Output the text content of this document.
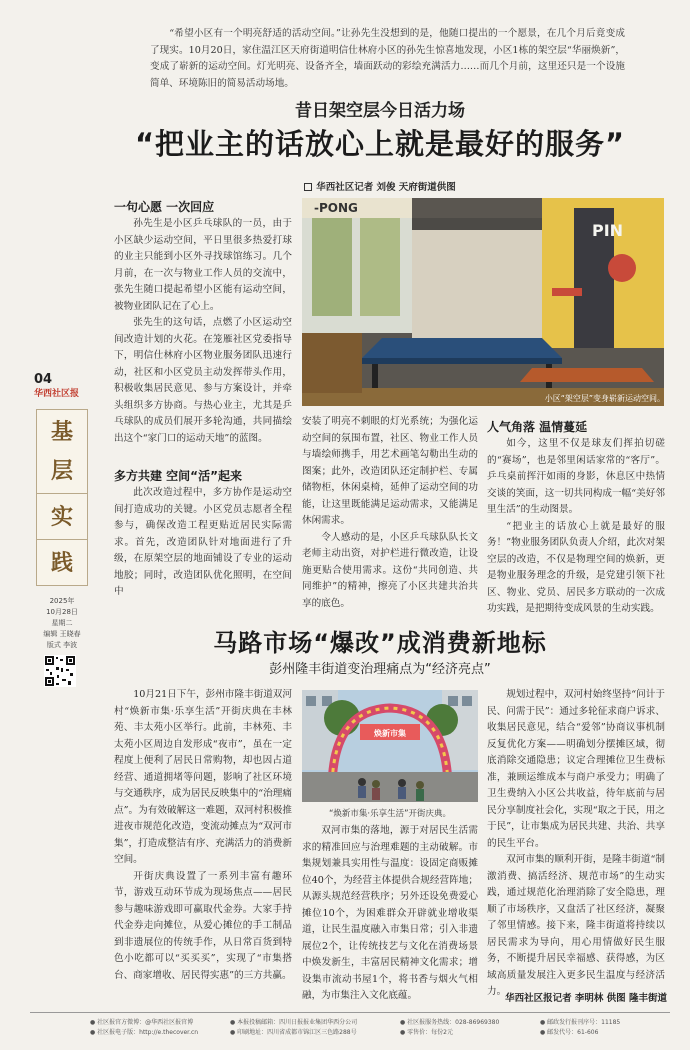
“希望小区有一个明亮舒适的活动空间。”让孙先生没想到的是，他随口提出的一个愿景，在几个月后竟变成了现实。10月20日，家住温江区天府街道明信仕林府小区的孙先生惊喜地发现，小区1栋的架空层“华丽焕新”，变成了崭新的运动空间。灯光明亮、设备齐全，墙面跃动的彩绘充满活力……而几个月前，这里还只是一个设施简单、环境陈旧的简易活动场地。

昔日架空层今日活力场
“把业主的话放心上就是最好的服务”
华西社区记者 刘俊 天府街道供图
一句心愿 一次回应

孙先生是小区乒乓球队的一员，由于小区缺少运动空间，平日里很多热爱打球的业主只能到小区外寻找球馆练习。几个月前，在一次与物业工作人员的交流中，张先生随口提起希望小区能有运动空间，被物业团队记在了心上。

张先生的这句话，点燃了小区运动空间改造计划的火花。在笼雁社区党委指导下，明信仕林府小区物业服务团队迅速行动，社区和小区党员主动发挥带头作用，积极收集居民意见、参与方案设计，并牵头组织多方协商。与热心业主，尤其是乒乓球队的成员们展开多轮沟通，共同描绘出这个“家门口的运动天地”的蓝图。

多方共建 空间“活”起来

此次改造过程中，多方协作是运动空间打造成功的关键。小区党员志愿者全程参与，确保改造工程更贴近居民实际需求。首先，改造团队针对地面进行了升级，在原架空层的地面铺设了专业的运动地胶；同时，改造团队优化照明，在空间中

-PONG
PIN
小区“架空层”变身崭新运动空间。

安装了明亮不刺眼的灯光系统；为强化运动空间的氛围布置，社区、物业工作人员与墙绘师携手，用艺术画笔勾勒出生动的图案；此外，改造团队还定制护栏、专属储物柜，休闲桌椅，延伸了运动空间的功能，让这里既能满足运动需求，又能满足休闲需求。

令人感动的是，小区乒乓球队队长文老师主动出资，对护栏进行微改造，让设施更贴合使用需求。这份“共同创造、共同维护”的精神，擦亮了小区共建共治共享的底色。

人气角落 温情蔓延

如今，这里不仅是球友们挥拍切磋的“赛场”，也是邻里闲话家常的“客厅”。乒乓桌前挥汗如雨的身影，休息区中热情交谈的笑面，这一切共同构成一幅“美好邻里生活”的生动图景。

“把业主的话放心上就是最好的服务！”物业服务团队负责人介绍，此次对架空层的改造，不仅是物理空间的焕新，更是物业服务理念的升级，是党建引领下社区、物业、党员、居民多方联动的一次成功实践，是把期待变成风景的生动实践。

04
华西社区报
基
层
实
践
2025年
10月28日
星期二
编辑 王晓春
版式 李波	马路市场“爆改”成消费新地标
彭州隆丰街道变治理痛点为“经济亮点”

10月21日下午，彭州市隆丰街道双河村“焕新市集·乐享生活”开街庆典在丰林苑、丰太苑小区举行。此前，丰林苑、丰太苑小区周边自发形成“夜市”，虽在一定程度上便利了居民日常购物，却也因占道经营、通道拥堵等问题，影响了社区环境与交通秩序，成为居民反映集中的“治理痛点”。为有效破解这一难题，双河村积极推进夜市规范化改造，变流动摊点为“双河市集”，打造成整洁有序、充满活力的消费新空间。

开街庆典设置了一系列丰富有趣环节，游戏互动环节成为现场焦点——居民参与趣味游戏即可赢取代金券。大家手持代金券走向摊位，从爱心摊位的手工制品到非遗展位的传统手作，从日常百货到特色小吃都可以“买买买”，实现了“市集搭台、商家增收、居民得实惠”的三方共赢。

焕新市集
“焕新市集·乐享生活”开街庆典。

双河市集的落地，源于对居民生活需求的精准回应与治理难题的主动破解。市集规划兼具实用性与温度：设固定商贩摊位40个，为经营主体提供合规经营阵地；从源头规范经营秩序；另外还设免费爱心摊位10个，为困难群众开辟就业增收渠道，让民生温度融入市集日常；引入非遗展位2个，让传统技艺与文化在消费场景中焕发新生，丰富居民精神文化需求；增设集市流动书屋1个，将书香与烟火气相融，为市集注入文化底蕴。

规划过程中，双河村始终坚持“问计于民、问需于民”：通过多轮征求商户诉求、收集居民意见，结合“爱邻”协商议事机制反复优化方案——明确划分摆摊区域，彻底消除交通隐患；议定合理摊位卫生费标准，兼顾运维成本与商户承受力；明确了卫生费纳入小区公共收益，待年底前与居民分享制度社会化，实现“取之于民，用之于民”，让市集成为居民共建、共治、共享的民生平台。

双河市集的顺利开街，是隆丰街道“制激消费、搞活经济、规范市场”的生动实践，通过规范化治理消除了安全隐患，理顺了市场秩序，又盘活了社区经济，凝聚了邻里情感。接下来，隆丰街道将持续以居民需求为导向，用心用情做好民生服务，不断提升居民幸福感、获得感，为区域高质量发展注入更多民生温度与经济活力。

华西社区报记者 李明林 供图 隆丰街道
● 社区报官方微博：@华西社区报官博
● 社区报电子版：http://e.thecover.cn
● 本报投稿邮箱：四川日报报业集团华西分公司
● 印刷地址：四川省成都市锦江区三色路288号
● 社区报服务热线：028-86969380
● 零售价：每份2元
● 邮政发行报刊序号：11185
● 邮发代号：61-606
